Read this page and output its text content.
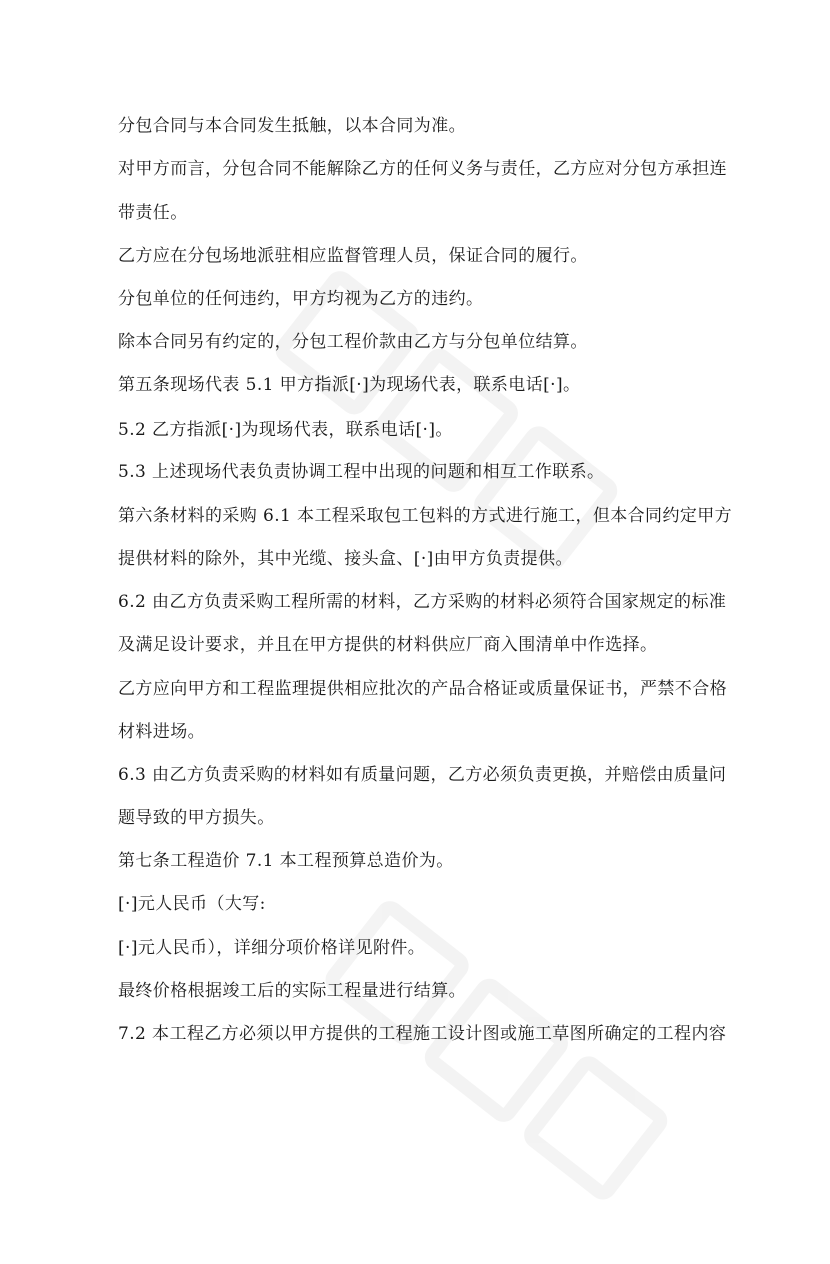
分包合同与本合同发生抵触，以本合同为准。
对甲方而言，分包合同不能解除乙方的任何义务与责任，乙方应对分包方承担连
带责任。
乙方应在分包场地派驻相应监督管理人员，保证合同的履行。
分包单位的任何违约，甲方均视为乙方的违约。
除本合同另有约定的，分包工程价款由乙方与分包单位结算。
第五条现场代表 5.1 甲方指派[·]为现场代表，联系电话[·]。
5.2 乙方指派[·]为现场代表，联系电话[·]。
5.3 上述现场代表负责协调工程中出现的问题和相互工作联系。
第六条材料的采购 6.1 本工程采取包工包料的方式进行施工，但本合同约定甲方
提供材料的除外，其中光缆、接头盒、[·]由甲方负责提供。
6.2 由乙方负责采购工程所需的材料，乙方采购的材料必须符合国家规定的标准
及满足设计要求，并且在甲方提供的材料供应厂商入围清单中作选择。
乙方应向甲方和工程监理提供相应批次的产品合格证或质量保证书，严禁不合格
材料进场。
6.3 由乙方负责采购的材料如有质量问题，乙方必须负责更换，并赔偿由质量问
题导致的甲方损失。
第七条工程造价 7.1 本工程预算总造价为。
[·]元人民币（大写:
[·]元人民币），详细分项价格详见附件。
最终价格根据竣工后的实际工程量进行结算。
7.2 本工程乙方必须以甲方提供的工程施工设计图或施工草图所确定的工程内容
